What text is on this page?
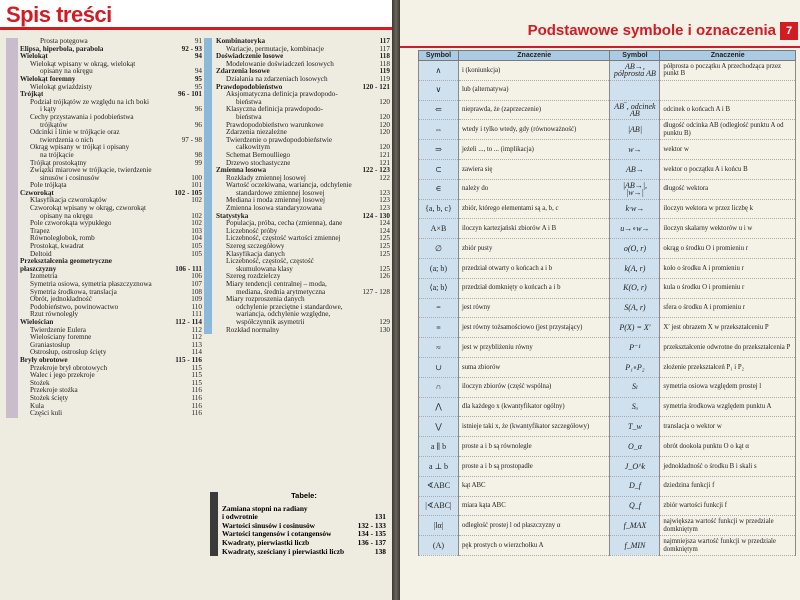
Spis treści
Prosta potęgowa	91
Elipsa, hiperbola, parabola	92 - 93
Wielokąt	94
Wielokąt wpisany w okrąg, wielokąt
opisany na okręgu	94
Wielokąt foremny	95
Wielokąt gwiaździsty	95
Trójkąt	96 - 101
Podział trójkątów ze względu na ich boki
i kąty	96
Cechy przystawania i podobieństwa
trójkątów	96
Odcinki i linie w trójkącie oraz
twierdzenia o nich	97 - 98
Okrąg wpisany w trójkąt i opisany
na trójkącie	98
Trójkąt prostokątny	99
Związki miarowe w trójkącie, twierdzenie
sinusów i cosinusów	100
Pole trójkąta	101
Czworokąt	102 - 105
Klasyfikacja czworokątów	102
Czworokąt wpisany w okrąg, czworokąt
opisany na okręgu	102
Pole czworokąta wypukłego	102
Trapez	103
Równoległobok, romb	104
Prostokąt, kwadrat	105
Deltoid	105
Przekształcenia geometryczne
płaszczyzny	106 - 111
Izometria	106
Symetria osiowa, symetria płaszczyznowa	107
Symetria środkowa, translacja	108
Obrót, jednokładność	109
Podobieństwo, powinowactwo	110
Rzut równoległy	111
Wielościan	112 - 114
Twierdzenie Eulera	112
Wielościany foremne	112
Graniastosłup	113
Ostrosłup, ostrosłup ścięty	114
Bryły obrotowe	115 - 116
Przekroje brył obrotowych	115
Walec i jego przekroje	115
Stożek	115
Przekroje stożka	116
Stożek ścięty	116
Kula	116
Części kuli	116
Kombinatoryka	117
Wariacje, permutacje, kombinacje	117
Doświadczenie losowe	118
Modelowanie doświadczeń losowych	118
Zdarzenia losowe	119
Działania na zdarzeniach losowych	119
Prawdopodobieństwo	120 - 121
Aksjomatyczna definicja prawdopodo-
bieństwa	120
Klasyczna definicja prawdopodo-
bieństwa	120
Prawdopodobieństwo warunkowe	120
Zdarzenia niezależne	120
Twierdzenie o prawdopodobieństwie
całkowitym	120
Schemat Bernoulliego	121
Drzewo stochastyczne	121
Zmienna losowa	122 - 123
Rozkłady zmiennej losowej	122
Wartość oczekiwana, wariancja, odchylenie
standardowe zmiennej losowej	123
Mediana i moda zmiennej losowej	123
Zmienna losowa standaryzowana	123
Statystyka	124 - 130
Populacja, próba, cecha (zmienna), dane	124
Liczebność próby	124
Liczebność, częstość wartości zmiennej	125
Szereg szczegółowy	125
Klasyfikacja danych	125
Liczebność, częstość, częstość
skumulowana klasy	125
Szereg rozdzielczy	126
Miary tendencji centralnej – moda,
mediana, średnia arytmetyczna	127 - 128
Miary rozproszenia danych
odchylenie przeciętne i standardowe,
wariancja, odchylenie względne,
współczynnik asymetrii	129
Rozkład normalny	130
Tabele:
Zamiana stopni na radiany
i odwrotnie	131
Wartości sinusów i cosinusów	132 - 133
Wartości tangensów i cotangensów	134 - 135
Kwadraty, pierwiastki liczb	136 - 137
Kwadraty, sześciany i pierwiastki liczb	138
Podstawowe symbole i oznaczenia 7
Symbol	Znaczenie	Symbol	Znaczenie
∧	i (koniunkcja)	AB→, półprosta AB	półprosta o początku A przechodząca przez punkt B
∨	lub (alternatywa)		
⇐	nieprawda, że (zaprzeczenie)	AB‾, odcinek AB	odcinek o końcach A i B
⇔	wtedy i tylko wtedy, gdy (równoważność)	|AB|	długość odcinka AB (odległość punktu A od punktu B)
⇒	jeżeli ..., to ... (implikacja)	w→	wektor w
⊂	zawiera się	AB→	wektor o początku A i końcu B
∈	należy do	|AB→|, |w→|	długość wektora
{a, b, c}	zbiór, którego elementami są a, b, c	k·w→	iloczyn wektora w przez liczbę k
A×B	iloczyn kartezjański zbiorów A i B	u→∘w→	iloczyn skalarny wektorów u i w
∅	zbiór pusty	o(O, r)	okrąg o środku O i promieniu r
(a; b)	przedział otwarty o końcach a i b	k(A, r)	koło o środku A i promieniu r
⟨a; b⟩	przedział domknięty o końcach a i b	K(O, r)	kula o środku O i promieniu r
=	jest równy	S(A, r)	sfera o środku A i promieniu r
≡	jest równy tożsamościowo (jest przystający)	P(X) = X′	X′ jest obrazem X w przekształceniu P
≈	jest w przybliżeniu równy	P⁻¹	przekształcenie odwrotne do przekształcenia P
∪	suma zbiorów	P₁∘P₂	złożenie przekształceń P₁ i P₂
∩	iloczyn zbiorów (część wspólna)	Sₗ	symetria osiowa względem prostej l
⋀	dla każdego x (kwantyfikator ogólny)	Sₐ	symetria środkowa względem punktu A
⋁	istnieje taki x, że (kwantyfikator szczegółowy)	T_w	translacja o wektor w
a ∥ b	proste a i b są równoległe	O_α	obrót dookoła punktu O o kąt α
a ⊥ b	proste a i b są prostopadłe	J_O^k	jednokładność o środku B i skali s
∢ABC	kąt ABC	D_f	dziedzina funkcji f
|∢ABC|	miara kąta ABC	Q_f	zbiór wartości funkcji f
|lα|	odległość prostej l od płaszczyzny α	f_MAX	największa wartość funkcji w przedziale domkniętym
(A)	pęk prostych o wierzchołku A	f_MIN	najmniejsza wartość funkcji w przedziale domkniętym
